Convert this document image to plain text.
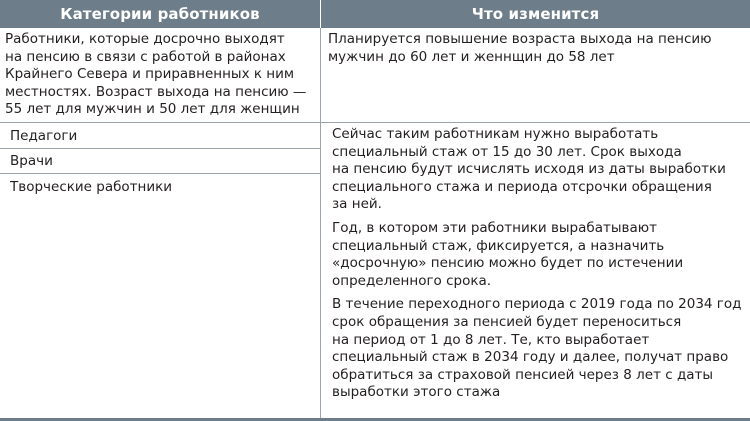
Категории работников	Что изменится
Работники, которые досрочно выходят
на пенсию в связи с работой в районах
Крайнего Севера и приравненных к ним
местностях. Возраст выхода на пенсию —
55 лет для мужчин и 50 лет для женщин
Планируется повышение возраста выхода на пенсию
мужчин до 60 лет и женнщин до 58 лет
Педагоги
Врачи
Творческие работники

Сейчас таким работникам нужно выработать
специальный стаж от 15 до 30 лет. Срок выхода
на пенсию будут исчислять исходя из даты выработки
специального стажа и периода отсрочки обращения
за ней.

Год, в котором эти работники вырабатывают
специальный стаж, фиксируется, а назначить
«досрочную» пенсию можно будет по истечении
определенного срока.

В течение переходного периода с 2019 года по 2034 год
срок обращения за пенсией будет переноситься
на период от 1 до 8 лет. Те, кто выработает
специальный стаж в 2034 году и далее, получат право
обратиться за страховой пенсией через 8 лет с даты
выработки этого стажа
